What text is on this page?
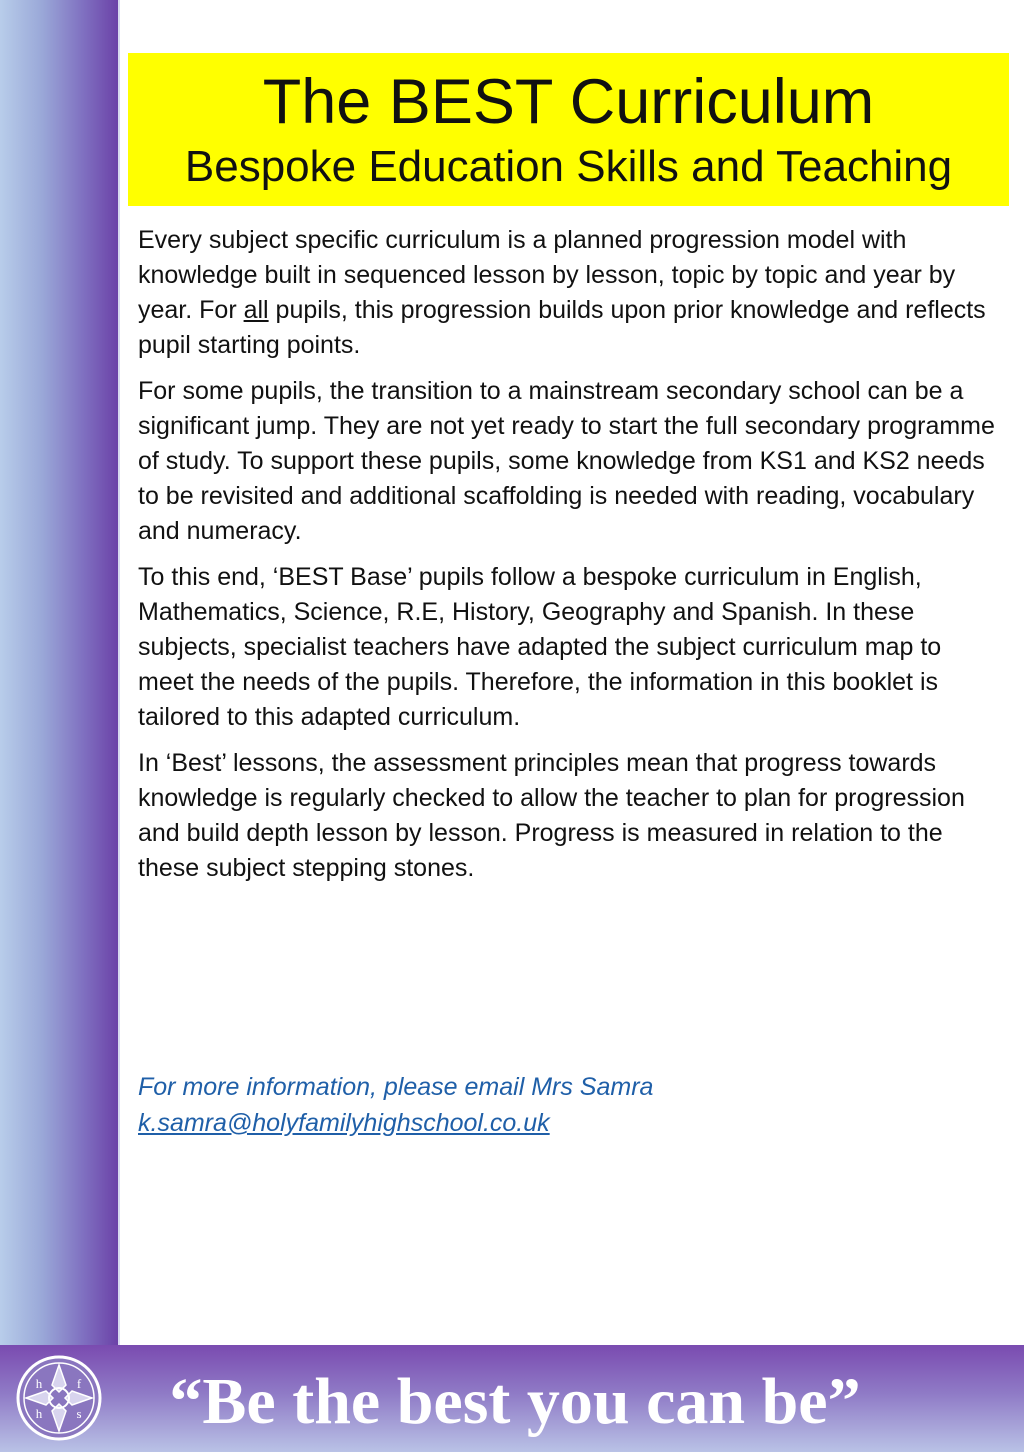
The BEST Curriculum
Bespoke Education Skills and Teaching

Every subject specific curriculum is a planned progression model with knowledge built in sequenced lesson by lesson, topic by topic and year by year. For all pupils, this progression builds upon prior knowledge and reflects pupil starting points.

For some pupils, the transition to a mainstream secondary school can be a significant jump. They are not yet ready to start the full secondary programme of study. To support these pupils, some knowledge from KS1 and KS2 needs to be revisited and additional scaffolding is needed with reading, vocabulary and numeracy.

To this end, ‘BEST Base’ pupils follow a bespoke curriculum in English, Mathematics, Science, R.E, History, Geography and Spanish. In these subjects, specialist teachers have adapted the subject curriculum map to meet the needs of the pupils. Therefore, the information in this booklet is tailored to this adapted curriculum.

In ‘Best’ lessons, the assessment principles mean that progress towards knowledge is regularly checked to allow the teacher to plan for progression and build depth lesson by lesson. Progress is measured in relation to the these subject stepping stones.

For more information, please email Mrs Samra
k.samra@holyfamilyhighschool.co.uk
h	f
h	s	“Be the best you can be”
